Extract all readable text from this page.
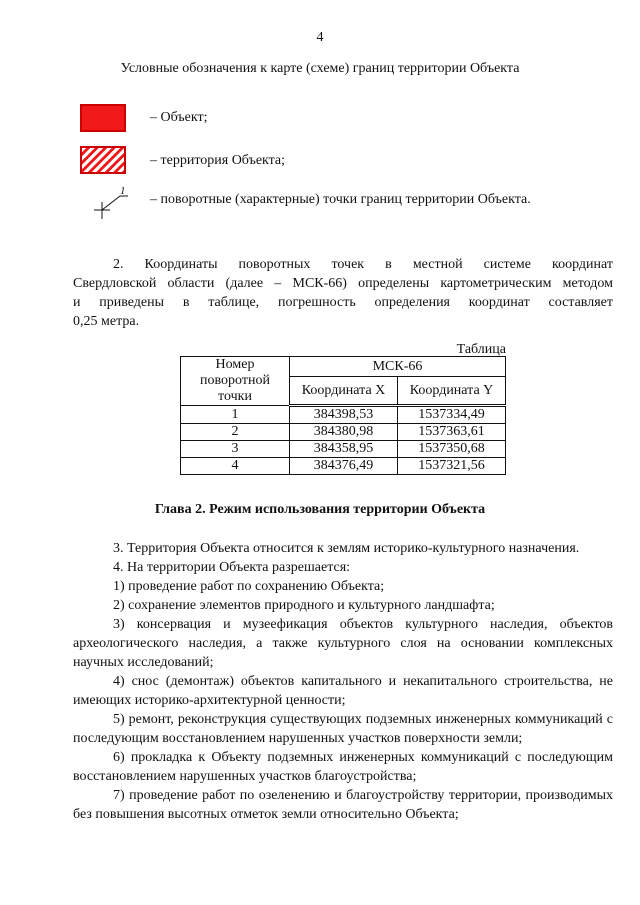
4
Условные обозначения к карте (схеме) границ территории Объекта
– Объект;
– территория Объекта;
1
– поворотные (характерные) точки границ территории Объекта.
2. Координаты поворотных точек в местной системе координат
Свердловской области (далее – МСК-66) определены картометрическим методом
и приведены в таблице, погрешность определения координат составляет
0,25 метра.
Таблица
Номер поворотной точки	МСК-66	
	Координата X	Координата Y
1	384398,53	1537334,49
2	384380,98	1537363,61
3	384358,95	1537350,68
4	384376,49	1537321,56
Глава 2. Режим использования территории Объекта

3. Территория Объекта относится к землям историко-культурного назначения.

4. На территории Объекта разрешается:

1) проведение работ по сохранению Объекта;

2) сохранение элементов природного и культурного ландшафта;

3) консервация и музеефикация объектов культурного наследия, объектов археологического наследия, а также культурного слоя на основании комплексных научных исследований;

4) снос (демонтаж) объектов капитального и некапитального строительства, не имеющих историко-архитектурной ценности;

5) ремонт, реконструкция существующих подземных инженерных коммуникаций с последующим восстановлением нарушенных участков поверхности земли;

6) прокладка к Объекту подземных инженерных коммуникаций с последующим восстановлением нарушенных участков благоустройства;

7) проведение работ по озеленению и благоустройству территории, производимых без повышения высотных отметок земли относительно Объекта;
